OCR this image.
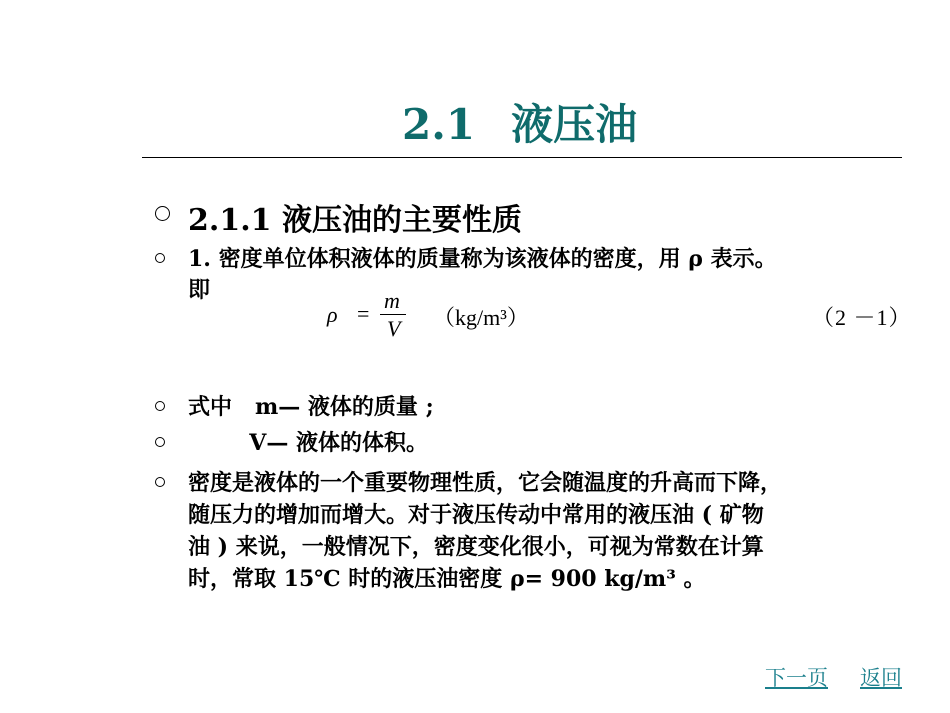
2.1 液压油
2.1.1 液压油的主要性质
1. 密度单位体积液体的质量称为该液体的密度，用 ρ 表示。
即
ρ =
m
V （kg/m³）	（2 －1）
式中   m— 液体的质量 ;
V— 液体的体积。
密度是液体的一个重要物理性质，它会随温度的升高而下降，
随压力的增加而增大。对于液压传动中常用的液压油 ( 矿物
油 ) 来说，一般情况下，密度变化很小，可视为常数在计算
时，常取 15℃ 时的液压油密度 ρ= 900 kg/m³ 。
下一页 返回
